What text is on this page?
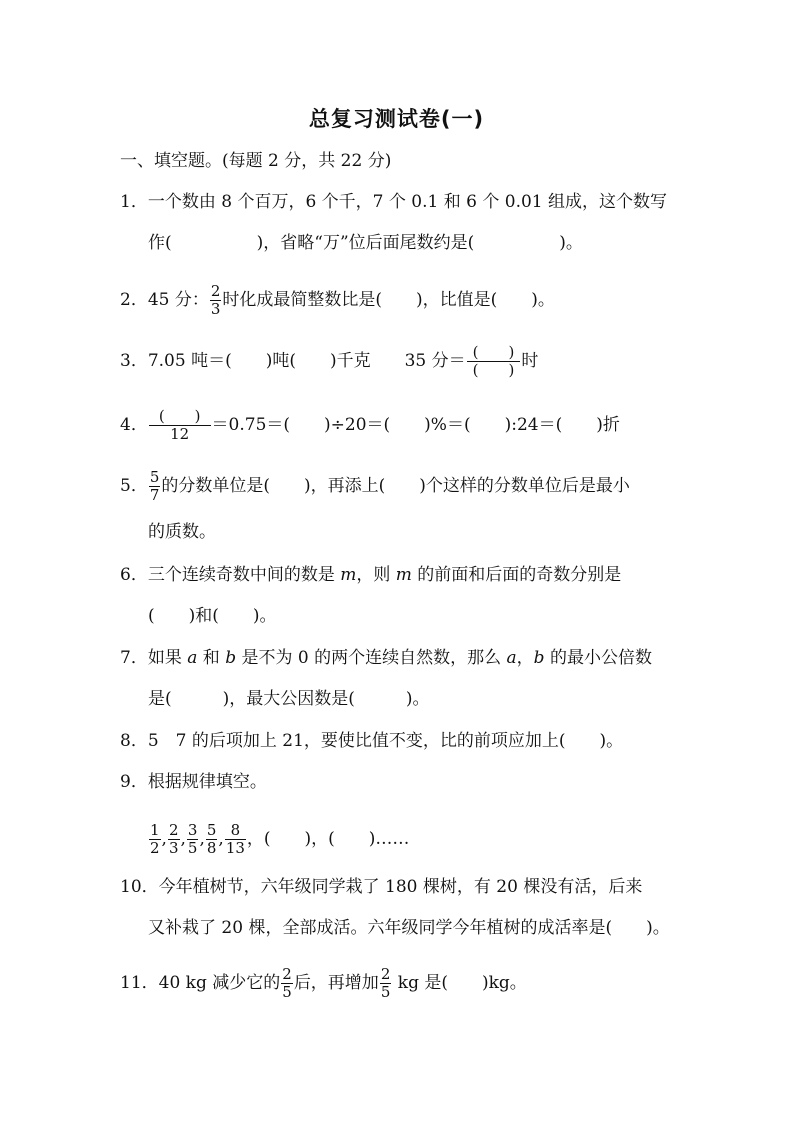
总复习测试卷(一)
一、填空题。(每题 2 分，共 22 分)
1．一个数由 8 个百万，6 个千，7 个 0.1 和 6 个 0.01 组成，这个数写
作(　　　　　)，省略“万”位后面尾数约是(　　　　　)。
2．45 分： $\frac{2}{3}$ 时化成最简整数比是(　　)，比值是(　　)。
3．7.05 吨＝(　　)吨(　　)千克　　35 分＝ $\frac{( )}{( )}$ 时
4． $\frac{( )}{12} =0.75=$(　　)÷20＝(　　)%＝(　　):24＝(　　)折
5． $\frac{5}{7}$ 的分数单位是(　　)，再添上(　　)个这样的分数单位后是最小
的质数。
6．三个连续奇数中间的数是 m，则 m 的前面和后面的奇数分别是
(　　)和(　　)。
7．如果 a 和 b 是不为 0 的两个连续自然数，那么 a，b 的最小公倍数
是(　　　)，最大公因数是(　　　)。
8．5　7 的后项加上 21，要使比值不变，比的前项应加上(　　)。
9．根据规律填空。
$\frac{1}{2}$ , $\frac{2}{3}$ , $\frac{3}{5}$ , $\frac{5}{8}$ , $\frac{8}{13}$ ，(　　)，(　　)……
10．今年植树节，六年级同学栽了 180 棵树，有 20 棵没有活，后来
又补栽了 20 棵，全部成活。六年级同学今年植树的成活率是(　　)。
11．40 kg 减少它的 $\frac{2}{5}$ 后，再增加 $\frac{2}{5}$ kg 是(　　)kg。
